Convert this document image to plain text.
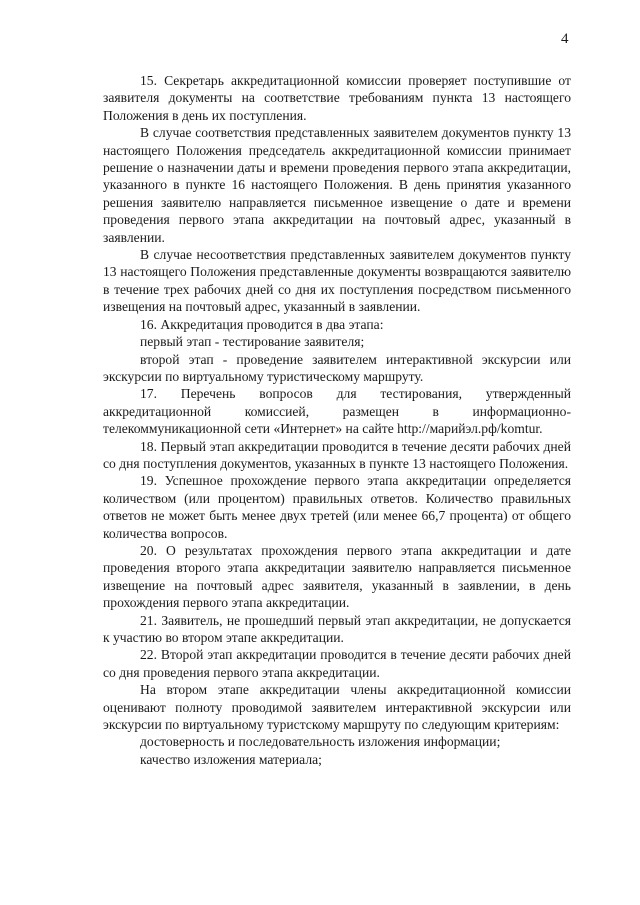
4

15. Секретарь аккредитационной комиссии проверяет поступившие от заявителя документы на соответствие требованиям пункта 13 настоящего Положения в день их поступления.

В случае соответствия представленных заявителем документов пункту 13 настоящего Положения председатель аккредитационной комиссии принимает решение о назначении даты и времени проведения первого этапа аккредитации, указанного в пункте 16 настоящего Положения. В день принятия указанного решения заявителю направляется письменное извещение о дате и времени проведения первого этапа аккредитации на почтовый адрес, указанный в заявлении.

В случае несоответствия представленных заявителем документов пункту 13 настоящего Положения представленные документы возвращаются заявителю в течение трех рабочих дней со дня их поступления посредством письменного извещения на почтовый адрес, указанный в заявлении.

16. Аккредитация проводится в два этапа:

первый этап - тестирование заявителя;

второй этап - проведение заявителем интерактивной экскурсии или экскурсии по виртуальному туристическому маршруту.

17. Перечень вопросов для тестирования, утвержденный аккредитационной комиссией, размещен в информационно-телекоммуникационной сети «Интернет» на сайте http://марийэл.рф/komtur.

18. Первый этап аккредитации проводится в течение десяти рабочих дней со дня поступления документов, указанных в пункте 13 настоящего Положения.

19. Успешное прохождение первого этапа аккредитации определяется количеством (или процентом) правильных ответов. Количество правильных ответов не может быть менее двух третей (или менее 66,7 процента) от общего количества вопросов.

20. О результатах прохождения первого этапа аккредитации и дате проведения второго этапа аккредитации заявителю направляется письменное извещение на почтовый адрес заявителя, указанный в заявлении, в день прохождения первого этапа аккредитации.

21. Заявитель, не прошедший первый этап аккредитации, не допускается к участию во втором этапе аккредитации.

22. Второй этап аккредитации проводится в течение десяти рабочих дней со дня проведения первого этапа аккредитации.

На втором этапе аккредитации члены аккредитационной комиссии оценивают полноту проводимой заявителем интерактивной экскурсии или экскурсии по виртуальному туристскому маршруту по следующим критериям:

достоверность и последовательность изложения информации;

качество изложения материала;
